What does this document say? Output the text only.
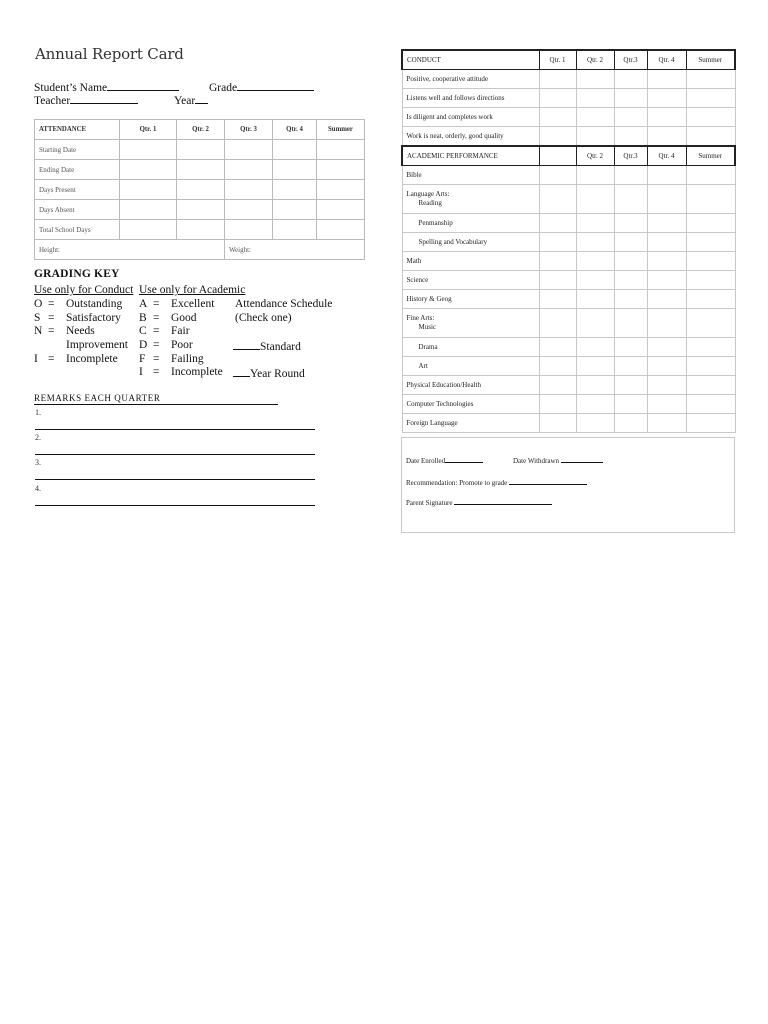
Annual Report Card
Student’s Name	Grade
Teacher	Year
ATTENDANCE	Qtr. 1	Qtr. 2	Qtr. 3	Qtr. 4	Summer
Starting Date					
Ending Date					
Days Present					
Days Absent					
Total School Days					
Height:			Weight:		
GRADING KEY
Use only for Conduct Use only for Academic
O = Outstanding
S = Satisfactory
N = Needs
Improvement
I = Incomplete
A = Excellent
B = Good
C = Fair
D = Poor
F = Failing
I = Incomplete
Attendance Schedule
(Check one)
Standard
Year Round
REMARKS EACH QUARTER
1.
2.
3.
4.
CONDUCT	Qtr. 1	Qtr. 2	Qtr.3	Qtr. 4	Summer
Positive, cooperative attitude					
Listens well and follows directions					
Is diligent and completes work					
Work is neat, orderly, good quality					
ACADEMIC PERFORMANCE		Qtr. 2	Qtr.3	Qtr. 4	Summer
Bible					

Language Arts:
Reading					

Penmanship					
Spelling and Vocabulary					
Math					
Science					
History & Geog					

Fine Arts:
Music					

Drama					
Art					
Physical Education/Health					
Computer Technologies					
Foreign Language					
Date Enrolled	Date Withdrawn
Recommendation: Promote to grade
Parent Signature
